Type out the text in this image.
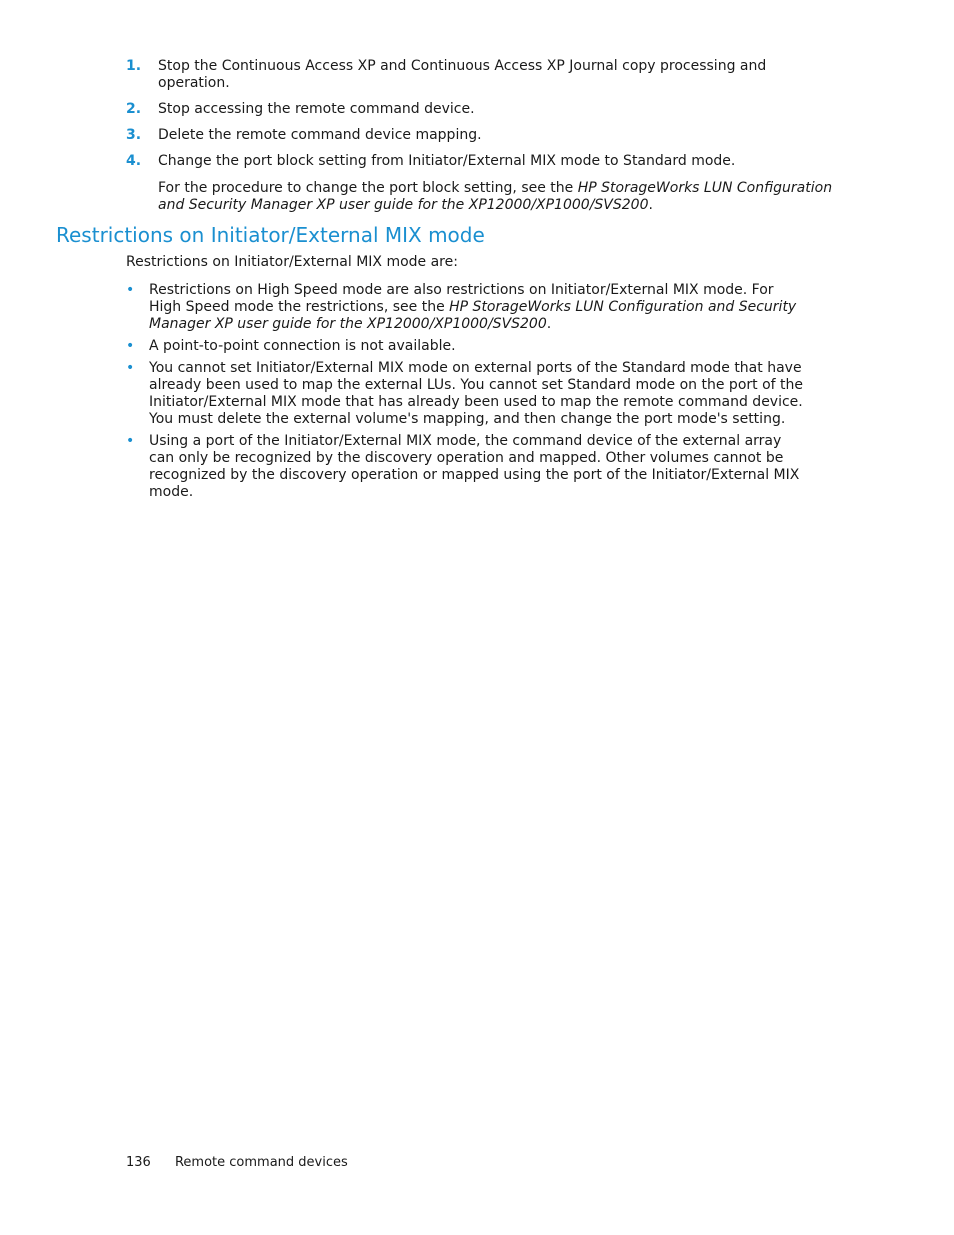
1. Stop the Continuous Access XP and Continuous Access XP Journal copy processing and operation.
2. Stop accessing the remote command device.
3. Delete the remote command device mapping.
4. Change the port block setting from Initiator/External MIX mode to Standard mode.
For the procedure to change the port block setting, see the HP StorageWorks LUN Configuration and Security Manager XP user guide for the XP12000/XP1000/SVS200.
Restrictions on Initiator/External MIX mode
Restrictions on Initiator/External MIX mode are:
• Restrictions on High Speed mode are also restrictions on Initiator/External MIX mode. For High Speed mode the restrictions, see the HP StorageWorks LUN Configuration and Security Manager XP user guide for the XP12000/XP1000/SVS200.
• A point-to-point connection is not available.
• You cannot set Initiator/External MIX mode on external ports of the Standard mode that have already been used to map the external LUs. You cannot set Standard mode on the port of the Initiator/External MIX mode that has already been used to map the remote command device. You must delete the external volume's mapping, and then change the port mode's setting.
• Using a port of the Initiator/External MIX mode, the command device of the external array can only be recognized by the discovery operation and mapped. Other volumes cannot be recognized by the discovery operation or mapped using the port of the Initiator/External MIX mode.
136 Remote command devices
